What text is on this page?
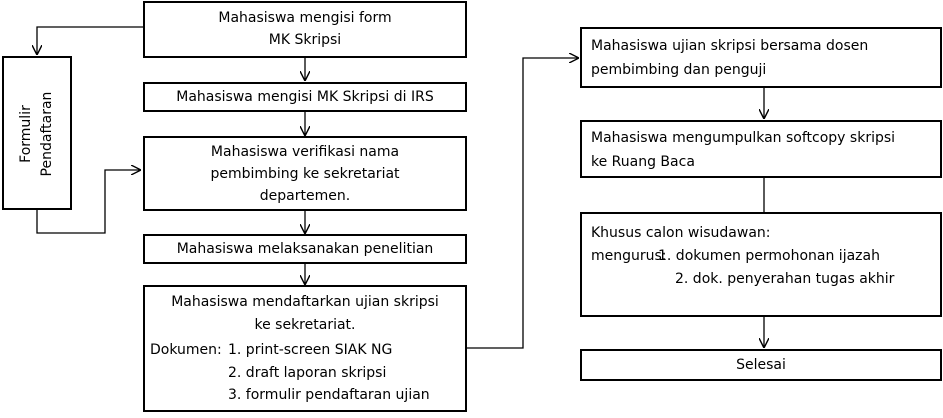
Formulir Pendaftaran
Mahasiswa mengisi form
MK Skripsi
Mahasiswa mengisi MK Skripsi di IRS
Mahasiswa verifikasi nama
pembimbing ke sekretariat
departemen.
Mahasiswa melaksanakan penelitian
Mahasiswa mendaftarkan ujian skripsi
ke sekretariat.
Dokumen: 1. print-screen SIAK NG
2. draft laporan skripsi
3. formulir pendaftaran ujian
Mahasiswa ujian skripsi bersama dosen
pembimbing dan penguji
Mahasiswa mengumpulkan softcopy skripsi
ke Ruang Baca
Khusus calon wisudawan:
mengurus:
1. dokumen permohonan ijazah
2. dok. penyerahan tugas akhir
Selesai
